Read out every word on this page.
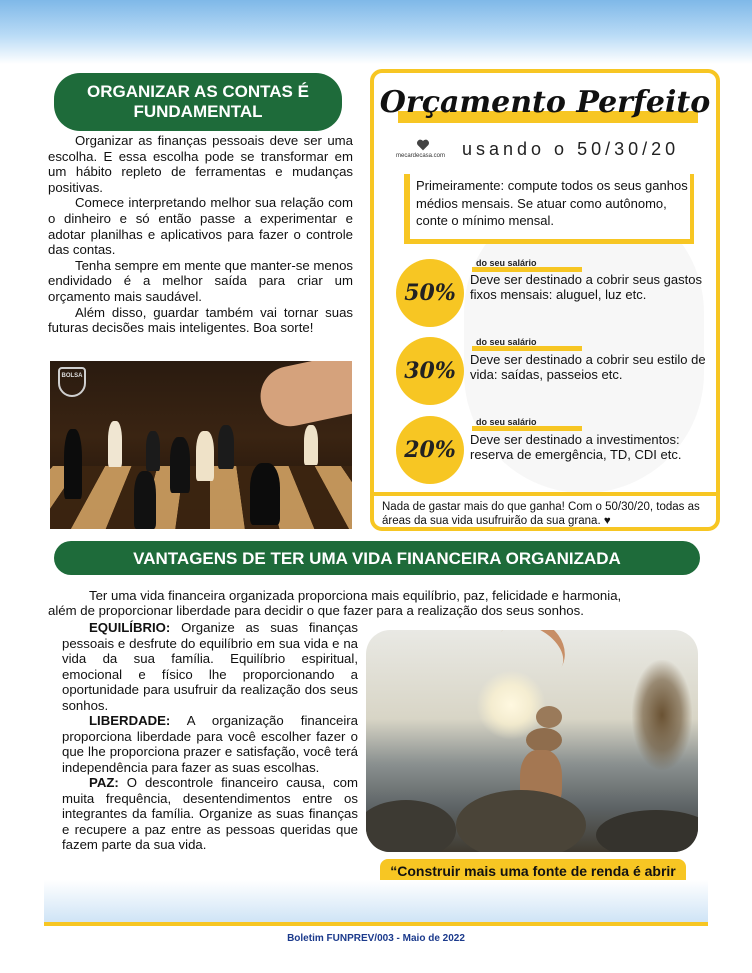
ORGANIZAR AS CONTAS É FUNDAMENTAL

Organizar as finanças pessoais deve ser uma escolha. E essa escolha pode se transformar em um hábito repleto de ferramentas e mudanças positivas.

Comece interpretando melhor sua relação com o dinheiro e só então passe a experimentar e adotar planilhas e aplicativos para fazer o controle das contas.

Tenha sempre em mente que manter-se menos endividado é a melhor saída para criar um orçamento mais saudável.

Além disso, guardar também vai tornar suas futuras decisões mais inteligentes. Boa sorte!

BOLSA
Orçamento Perfeito
mecardecasa.com usando o 50/30/20
Primeiramente: compute todos os seus ganhos médios mensais. Se atuar como autônomo, conte o mínimo mensal.
50%
do seu salário
Deve ser destinado a cobrir seus gastos fixos mensais: aluguel, luz etc.
30%
do seu salário
Deve ser destinado a cobrir seu estilo de vida: saídas, passeios etc.
20%
do seu salário
Deve ser destinado a investimentos: reserva de emergência, TD, CDI etc.
Nada de gastar mais do que ganha! Com o 50/30/20, todas as áreas da sua vida usufruirão da sua grana. ♥
VANTAGENS DE TER UMA VIDA FINANCEIRA ORGANIZADA
Ter uma vida financeira organizada proporciona mais equilíbrio, paz, felicidade e harmonia,
além de proporcionar liberdade para decidir o que fazer para a realização dos seus sonhos.

EQUILÍBRIO: Organize as suas finanças pessoais e desfrute do equilíbrio em sua vida e na vida da sua família. Equilíbrio espiritual, emocional e físico lhe proporcionando a oportunidade para usufruir da realização dos seus sonhos.

LIBERDADE: A organização financeira proporciona liberdade para você escolher fazer o que lhe proporciona prazer e satisfação, você terá independência para fazer as suas escolhas.

PAZ: O descontrole financeiro causa, com muita frequência, desentendimentos entre os integrantes da família. Organize as suas finanças e recupere a paz entre as pessoas queridas que fazem parte da sua vida.

“Construir mais uma fonte de renda é abrir
Boletim FUNPREV/003 - Maio de 2022
